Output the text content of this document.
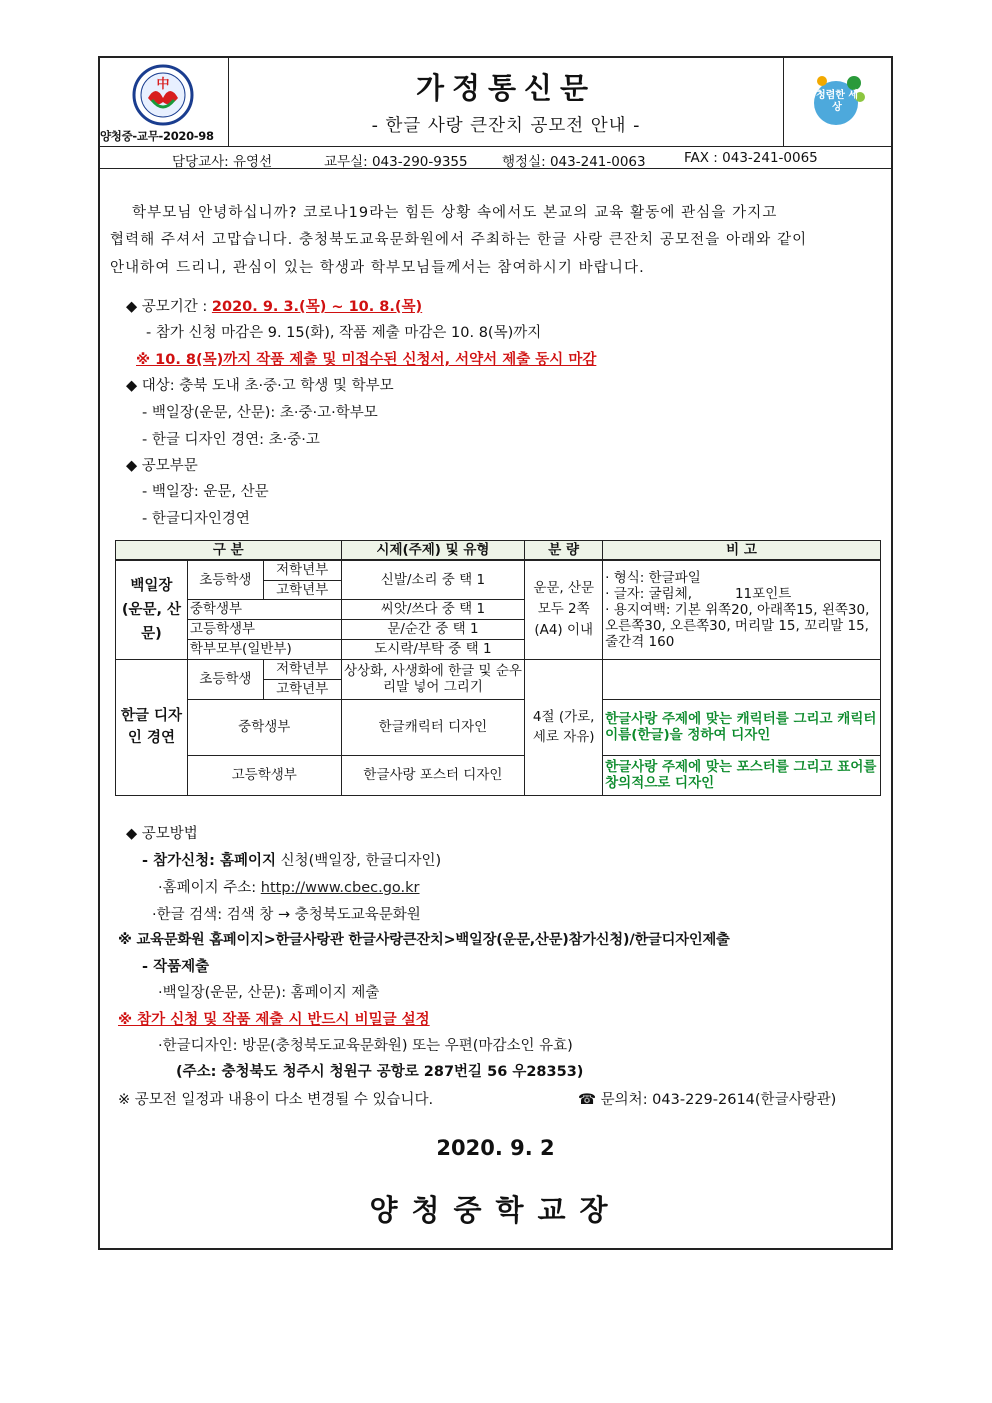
中
양청중-교무-2020-98
가정통신문
- 한글 사랑 큰잔치 공모전 안내 -
청렴한 세상
담당교사: 유영선	교무실: 043-290-9355	행정실: 043-241-0063	FAX : 043-241-0065
학부모님 안녕하십니까? 코로나19라는 힘든 상황 속에서도 본교의 교육 활동에 관심을 가지고
협력해 주셔서 고맙습니다. 충청북도교육문화원에서 주최하는 한글 사랑 큰잔치 공모전을 아래와 같이
안내하여 드리니, 관심이 있는 학생과 학부모님들께서는 참여하시기 바랍니다.
◆ 공모기간 : 2020. 9. 3.(목) ~ 10. 8.(목)
- 참가 신청 마감은 9. 15(화), 작품 제출 마감은 10. 8(목)까지
※ 10. 8(목)까지 작품 제출 및 미접수된 신청서, 서약서 제출 동시 마감
◆ 대상: 충북 도내 초·중·고 학생 및 학부모
- 백일장(운문, 산문): 초·중·고·학부모
- 한글 디자인 경연: 초·중·고
◆ 공모부문
- 백일장: 운문, 산문
- 한글디자인경연
구 분			시제(주제) 및 유형	분 량	비 고
백일장 (운문, 산문)	초등학생	저학년부	신발/소리 중 택 1	운문, 산문 모두 2쪽(A4) 이내	· 형식: 한글파일
· 글자: 굴림체,          11포인트
· 용지여백: 기본 위쪽20, 아래쪽15, 왼쪽30,오른쪽30, 오른쪽30, 머리말 15, 꼬리말 15, 줄간격 160

		고학년부			
	중학생부		씨앗/쓰다 중 택 1		
	고등학생부		문/순간 중 택 1		
	학부모부(일반부)		도시락/부탁 중 택 1		
한글 디자인 경연	초등학생	저학년부	상상화, 사생화에 한글 및 순우리말 넣어 그리기	4절 (가로, 세로 자유)	
		고학년부			
	중학생부		한글캐릭터 디자인		한글사랑 주제에 맞는 캐릭터를 그리고 캐릭터 이름(한글)을 정하여 디자인
	고등학생부		한글사랑 포스터 디자인		한글사랑 주제에 맞는 포스터를 그리고 표어를 창의적으로 디자인
◆ 공모방법
- 참가신청: 홈페이지 신청(백일장, 한글디자인)
·홈페이지 주소: http://www.cbec.go.kr
·한글 검색: 검색 창 → 충청북도교육문화원
※ 교육문화원 홈페이지>한글사랑관 한글사랑큰잔치>백일장(운문,산문)참가신청)/한글디자인제출
- 작품제출
·백일장(운문, 산문): 홈페이지 제출
※ 참가 신청 및 작품 제출 시 반드시 비밀글 설정
·한글디자인: 방문(충청북도교육문화원) 또는 우편(마감소인 유효)
(주소: 충청북도 청주시 청원구 공항로 287번길 56 우28353)
※ 공모전 일정과 내용이 다소 변경될 수 있습니다.	☎ 문의처: 043-229-2614(한글사랑관)
2020. 9. 2
양청중학교장
